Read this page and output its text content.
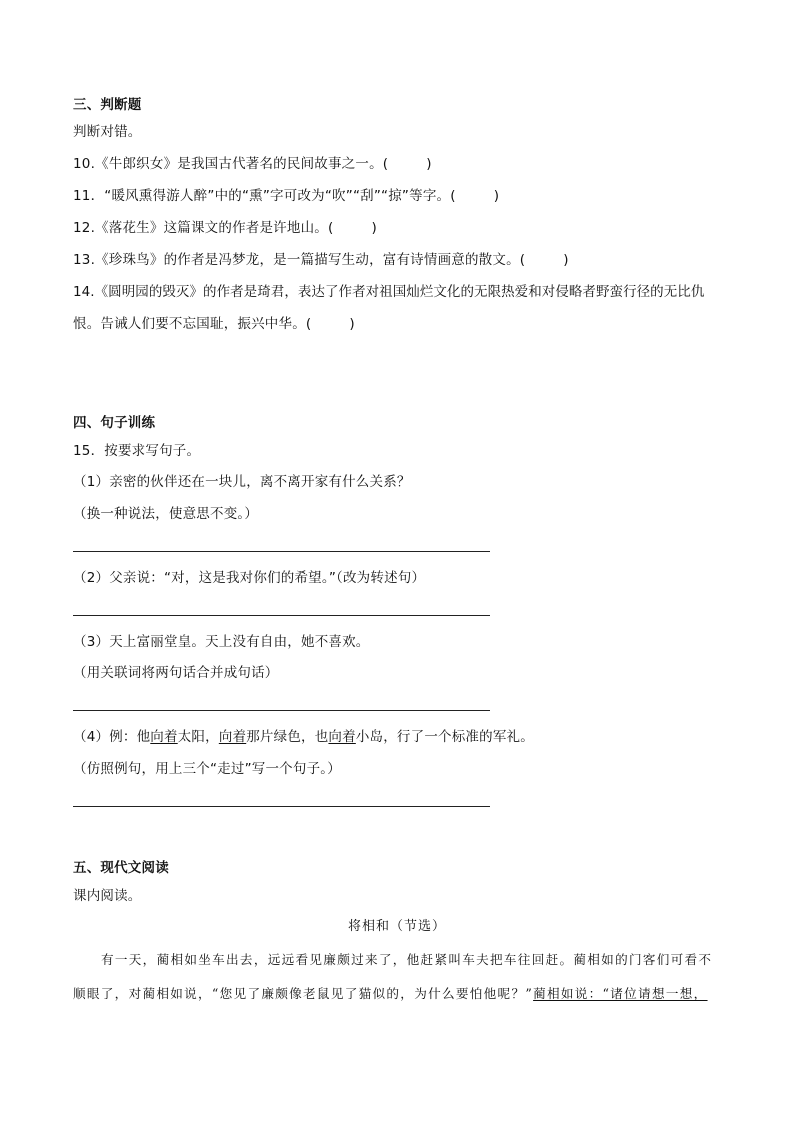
三、判断题
判断对错。
10.《牛郎织女》是我国古代著名的民间故事之一。(	)
11．“暖风熏得游人醉”中的“熏”字可改为“吹”“刮”“掠”等字。(	)
12.《落花生》这篇课文的作者是许地山。(	)
13.《珍珠鸟》的作者是冯梦龙，是一篇描写生动，富有诗情画意的散文。(	)
14.《圆明园的毁灭》的作者是琦君，表达了作者对祖国灿烂文化的无限热爱和对侵略者野蛮行径的无比仇
恨。告诫人们要不忘国耻，振兴中华。(	)
四、句子训练
15．按要求写句子。
（1）亲密的伙伴还在一块儿，离不离开家有什么关系？
（换一种说法，使意思不变。）
（2）父亲说：“对，这是我对你们的希望。”（改为转述句）
（3）天上富丽堂皇。天上没有自由，她不喜欢。
（用关联词将两句话合并成句话）
（4）例：他向着太阳，向着那片绿色，也向着小岛，行了一个标准的军礼。
（仿照例句，用上三个“走过”写一个句子。）
五、现代文阅读
课内阅读。
将相和（节选）
有一天，蔺相如坐车出去，远远看见廉颇过来了，他赶紧叫车夫把车往回赶。蔺相如的门客们可看不
顺眼了，对蔺相如说，“您见了廉颇像老鼠见了猫似的，为什么要怕他呢？”蔺相如说：“诸位请想一想，
